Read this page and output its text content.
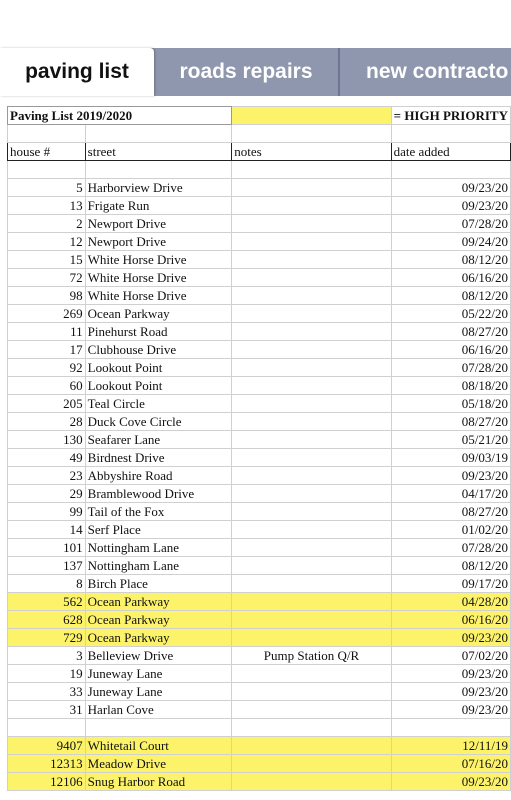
paving list	roads repairs	new contracto
Paving List 2019/2020			= HIGH PRIORITY

house #	street	notes	date added

5	Harborview Drive		09/23/20
13	Frigate Run		09/23/20
2	Newport Drive		07/28/20
12	Newport Drive		09/24/20
15	White Horse Drive		08/12/20
72	White Horse Drive		06/16/20
98	White Horse Drive		08/12/20
269	Ocean Parkway		05/22/20
11	Pinehurst Road		08/27/20
17	Clubhouse Drive		06/16/20
92	Lookout Point		07/28/20
60	Lookout Point		08/18/20
205	Teal Circle		05/18/20
28	Duck Cove Circle		08/27/20
130	Seafarer Lane		05/21/20
49	Birdnest Drive		09/03/19
23	Abbyshire Road		09/23/20
29	Bramblewood Drive		04/17/20
99	Tail of the Fox		08/27/20
14	Serf Place		01/02/20
101	Nottingham Lane		07/28/20
137	Nottingham Lane		08/12/20
8	Birch Place		09/17/20
562	Ocean Parkway		04/28/20
628	Ocean Parkway		06/16/20
729	Ocean Parkway		09/23/20
3	Belleview Drive	Pump Station Q/R	07/02/20
19	Juneway Lane		09/23/20
33	Juneway Lane		09/23/20
31	Harlan Cove		09/23/20

9407	Whitetail Court		12/11/19
12313	Meadow Drive		07/16/20
12106	Snug Harbor Road		09/23/20
